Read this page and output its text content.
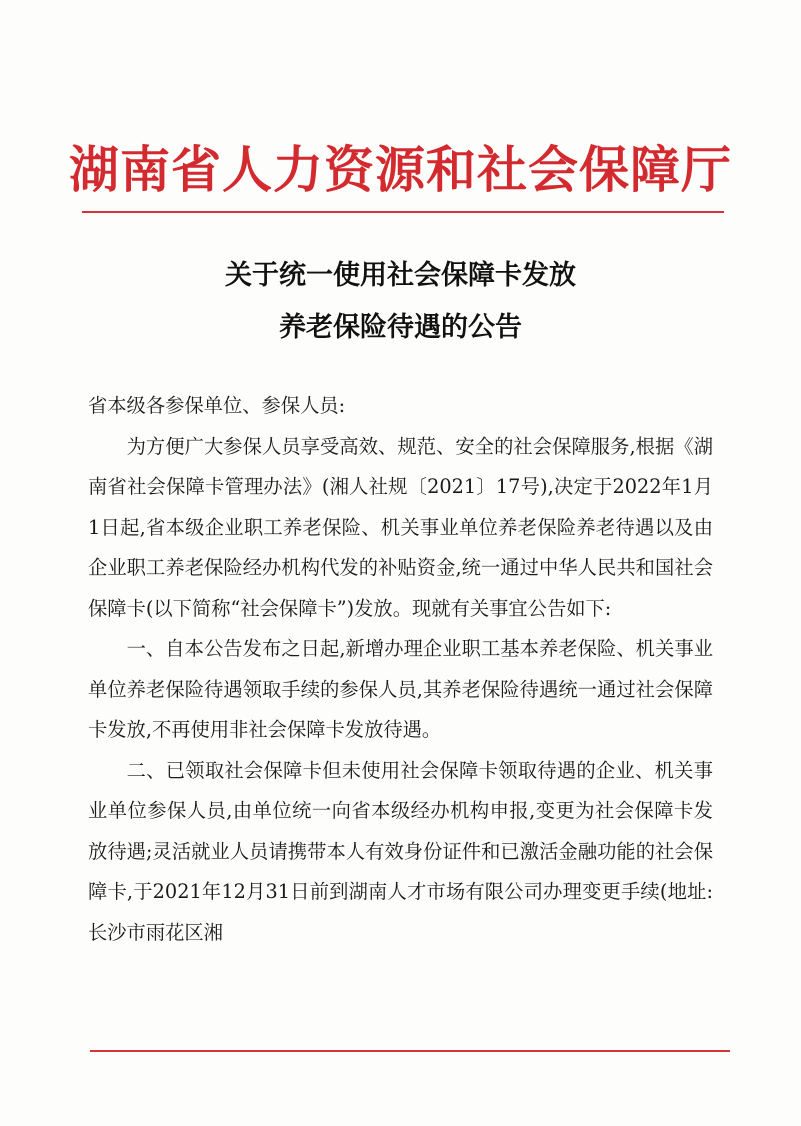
湖南省人力资源和社会保障厅
关于统一使用社会保障卡发放
养老保险待遇的公告

省本级各参保单位、参保人员:

为方便广大参保人员享受高效、规范、安全的社会保障服务,根据《湖南省社会保障卡管理办法》(湘人社规〔2021〕17号),决定于2022年1月1日起,省本级企业职工养老保险、机关事业单位养老保险养老待遇以及由企业职工养老保险经办机构代发的补贴资金,统一通过中华人民共和国社会保障卡(以下简称“社会保障卡”)发放。现就有关事宜公告如下:

一、自本公告发布之日起,新增办理企业职工基本养老保险、机关事业单位养老保险待遇领取手续的参保人员,其养老保险待遇统一通过社会保障卡发放,不再使用非社会保障卡发放待遇。

二、已领取社会保障卡但未使用社会保障卡领取待遇的企业、机关事业单位参保人员,由单位统一向省本级经办机构申报,变更为社会保障卡发放待遇;灵活就业人员请携带本人有效身份证件和已激活金融功能的社会保障卡,于2021年12月31日前到湖南人才市场有限公司办理变更手续(地址:长沙市雨花区湘
